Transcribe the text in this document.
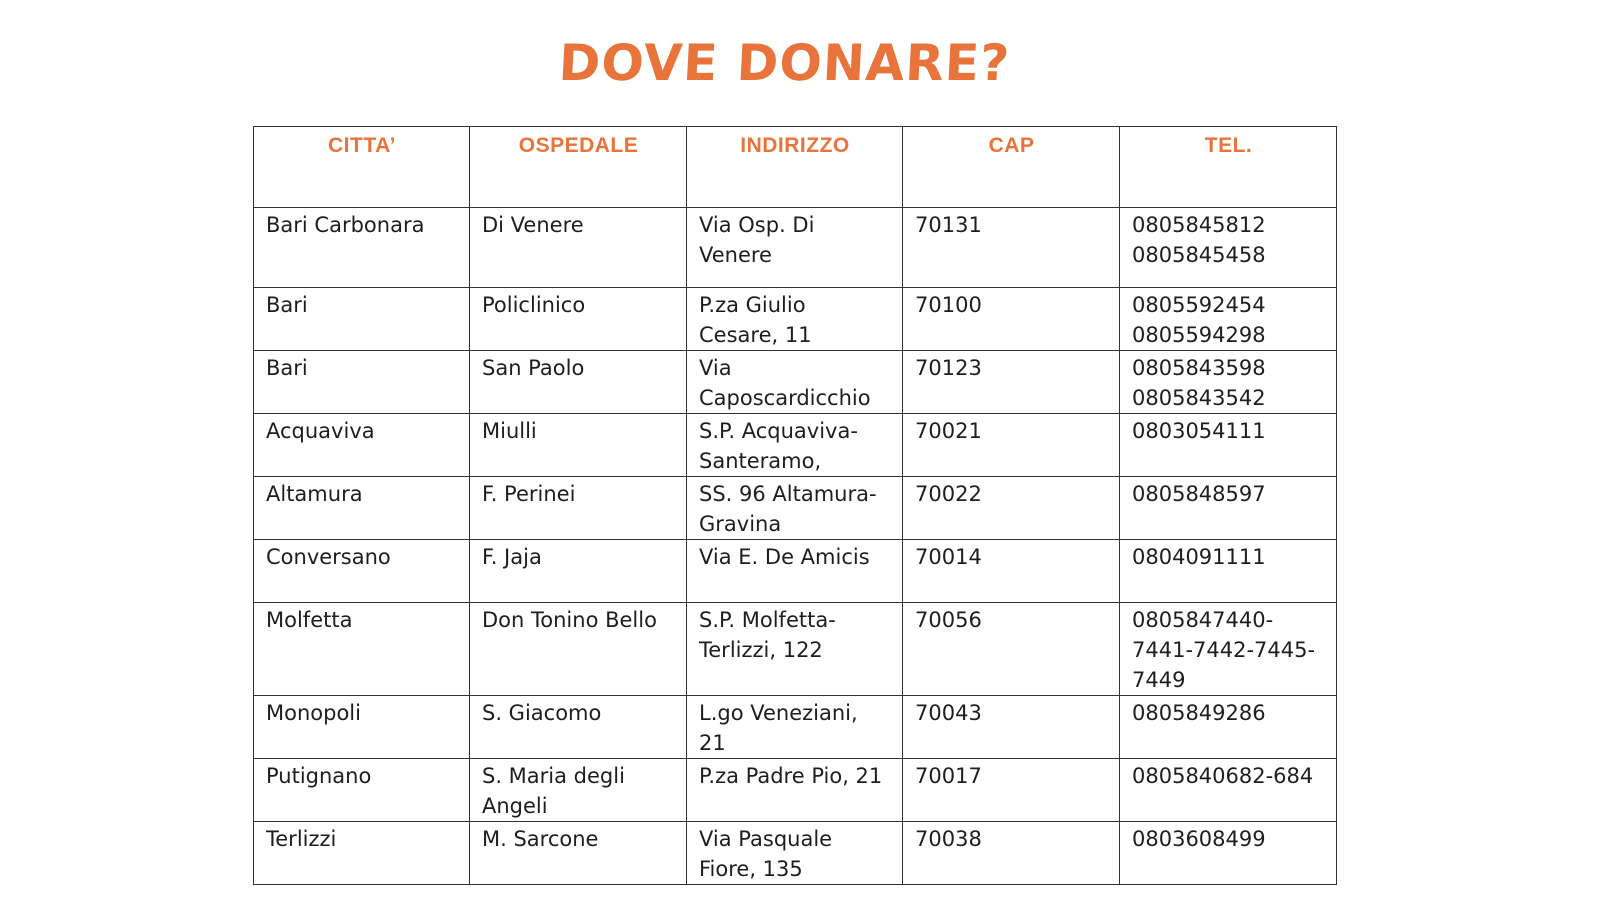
DOVE DONARE?
CITTA’	OSPEDALE	INDIRIZZO	CAP	TEL.
Bari Carbonara	Di Venere	Via Osp. Di Venere	70131	0805845812 0805845458
Bari	Policlinico	P.za Giulio Cesare, 11	70100	0805592454 0805594298
Bari	San Paolo	Via Caposcardicchio	70123	0805843598 0805843542
Acquaviva	Miulli	S.P. Acquaviva-Santeramo,	70021	0803054111
Altamura	F. Perinei	SS. 96 Altamura-Gravina	70022	0805848597
Conversano	F. Jaja	Via E. De Amicis	70014	0804091111
Molfetta	Don Tonino Bello	S.P. Molfetta-Terlizzi, 122	70056	0805847440-7441-7442-7445-7449
Monopoli	S. Giacomo	L.go Veneziani, 21	70043	0805849286
Putignano	S. Maria degli Angeli	P.za Padre Pio, 21	70017	0805840682-684
Terlizzi	M. Sarcone	Via Pasquale Fiore, 135	70038	0803608499
